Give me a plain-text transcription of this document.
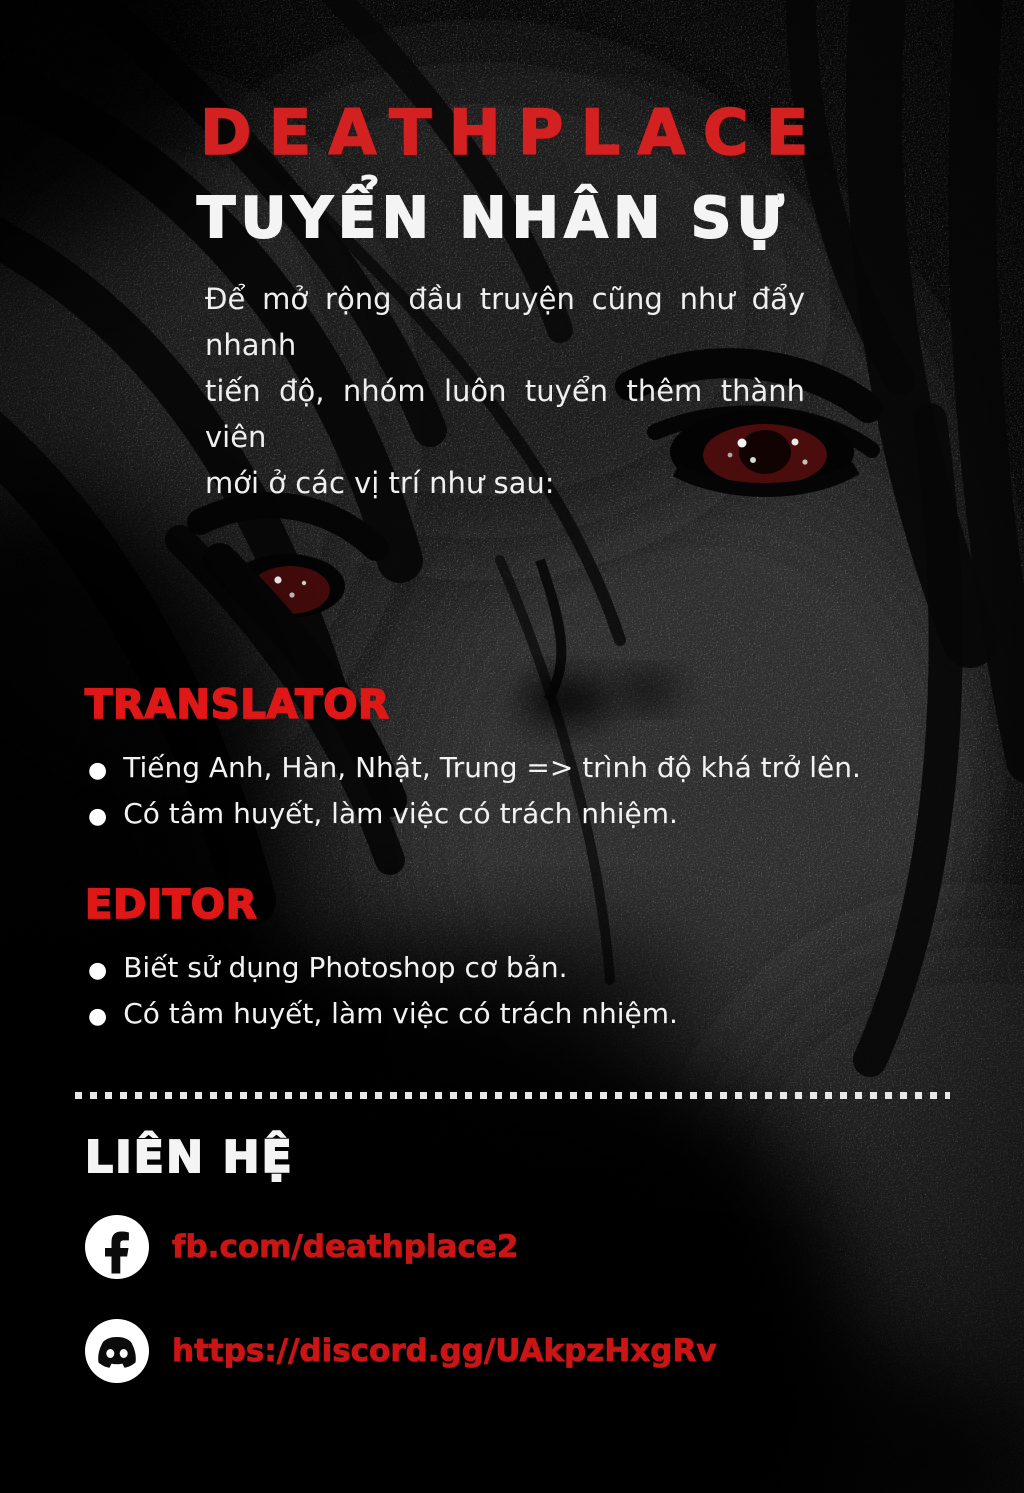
DEATHPLACE
TUYỂN NHÂN SỰ
Để mở rộng đầu truyện cũng như đẩy nhanh
tiến độ, nhóm luôn tuyển thêm thành viên
mới ở các vị trí như sau:
TRANSLATOR
● Tiếng Anh, Hàn, Nhật, Trung => trình độ khá trở lên.
● Có tâm huyết, làm việc có trách nhiệm.
EDITOR
● Biết sử dụng Photoshop cơ bản.
● Có tâm huyết, làm việc có trách nhiệm.
LIÊN HỆ
fb.com/deathplace2
https://discord.gg/UAkpzHxgRv
